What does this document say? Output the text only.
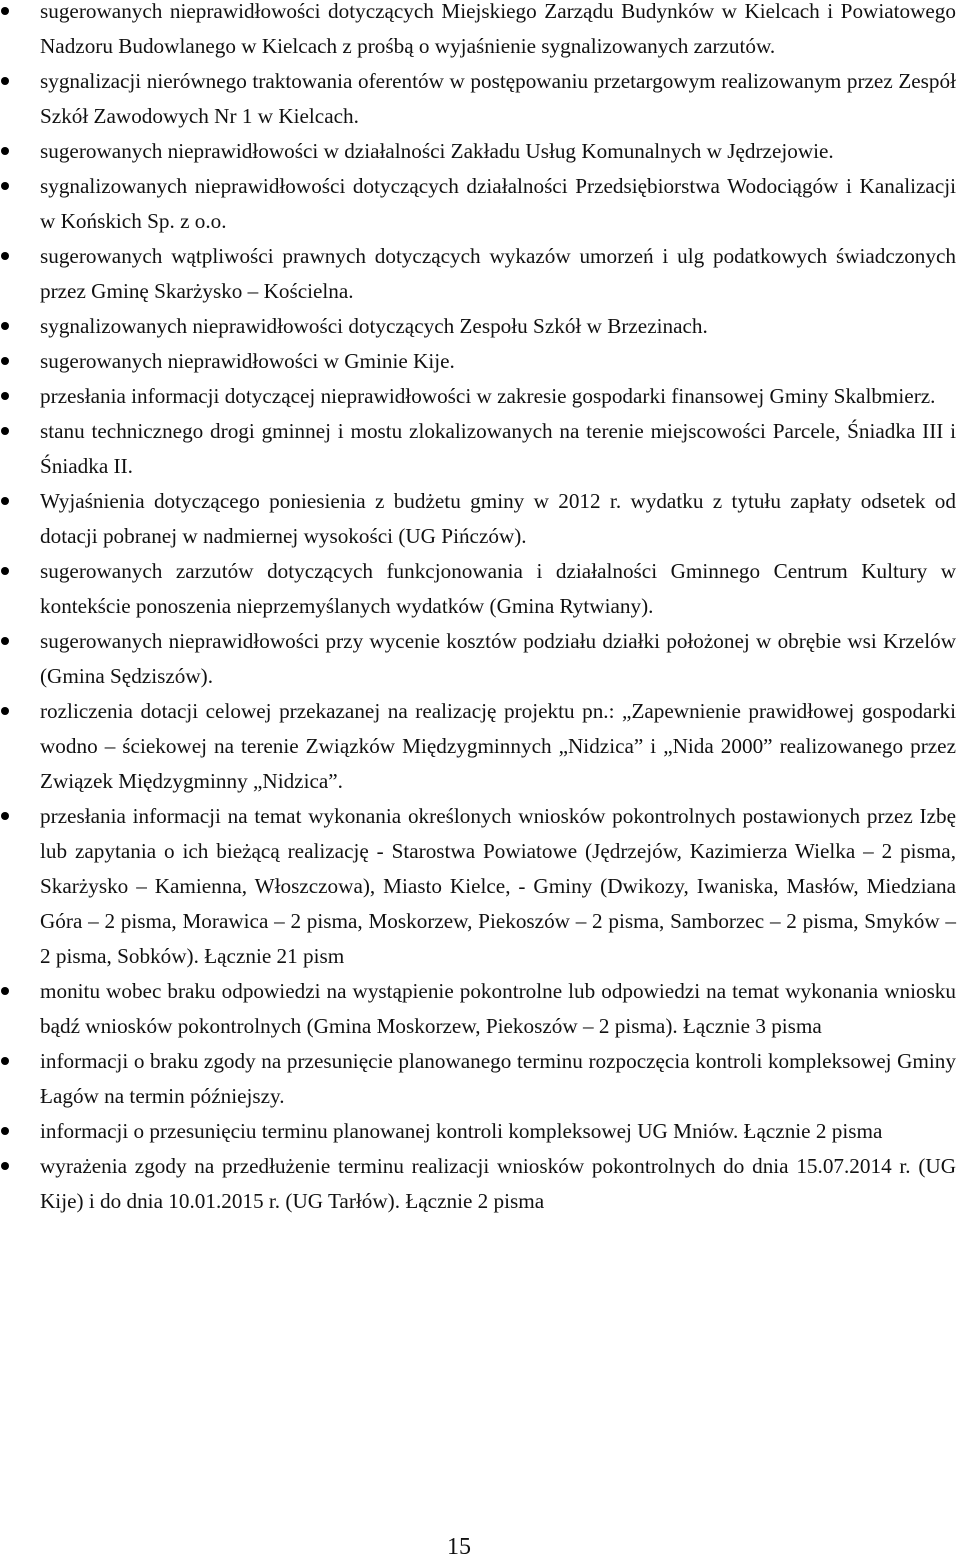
sugerowanych nieprawidłowości dotyczących Miejskiego Zarządu Budynków w Kielcach i Powiatowego Nadzoru Budowlanego w Kielcach z prośbą o wyjaśnienie sygnalizowanych zarzutów.
sygnalizacji nierównego traktowania oferentów w postępowaniu przetargowym realizowanym przez Zespół Szkół Zawodowych Nr 1 w Kielcach.
sugerowanych nieprawidłowości w działalności Zakładu Usług Komunalnych w Jędrzejowie.
sygnalizowanych nieprawidłowości dotyczących działalności Przedsiębiorstwa Wodociągów i Kanalizacji w Końskich Sp. z o.o.
sugerowanych wątpliwości prawnych dotyczących wykazów umorzeń i ulg podatkowych świadczonych przez Gminę Skarżysko – Kościelna.
sygnalizowanych nieprawidłowości dotyczących Zespołu Szkół w Brzezinach.
sugerowanych nieprawidłowości w Gminie Kije.
przesłania informacji dotyczącej nieprawidłowości w zakresie gospodarki finansowej Gminy Skalbmierz.
stanu technicznego drogi gminnej i mostu zlokalizowanych na terenie miejscowości Parcele, Śniadka III i Śniadka II.
Wyjaśnienia dotyczącego poniesienia z budżetu gminy w 2012 r. wydatku z tytułu zapłaty odsetek od dotacji pobranej w nadmiernej wysokości (UG Pińczów).
sugerowanych zarzutów dotyczących funkcjonowania i działalności Gminnego Centrum Kultury w kontekście ponoszenia nieprzemyślanych wydatków (Gmina Rytwiany).
sugerowanych nieprawidłowości przy wycenie kosztów podziału działki położonej w obrębie wsi Krzelów (Gmina Sędziszów).
rozliczenia dotacji celowej przekazanej na realizację projektu pn.: „Zapewnienie prawidłowej gospodarki wodno – ściekowej na terenie Związków Międzygminnych „Nidzica” i „Nida 2000” realizowanego przez Związek Międzygminny „Nidzica”.
przesłania informacji na temat wykonania określonych wniosków pokontrolnych postawionych przez Izbę lub zapytania o ich bieżącą realizację - Starostwa Powiatowe (Jędrzejów, Kazimierza Wielka – 2 pisma, Skarżysko – Kamienna, Włoszczowa), Miasto Kielce, - Gminy (Dwikozy, Iwaniska, Masłów, Miedziana Góra – 2 pisma, Morawica – 2 pisma, Moskorzew, Piekoszów – 2 pisma, Samborzec – 2 pisma, Smyków – 2 pisma, Sobków). Łącznie 21 pism
monitu wobec braku odpowiedzi na wystąpienie pokontrolne lub odpowiedzi na temat wykonania wniosku bądź wniosków pokontrolnych (Gmina Moskorzew, Piekoszów – 2 pisma). Łącznie 3 pisma
informacji o braku zgody na przesunięcie planowanego terminu rozpoczęcia kontroli kompleksowej Gminy Łagów na termin późniejszy.
informacji o przesunięciu terminu planowanej kontroli kompleksowej UG Mniów. Łącznie 2 pisma
wyrażenia zgody na przedłużenie terminu realizacji wniosków pokontrolnych do dnia 15.07.2014 r. (UG Kije) i do dnia 10.01.2015 r. (UG Tarłów). Łącznie 2 pisma
15
